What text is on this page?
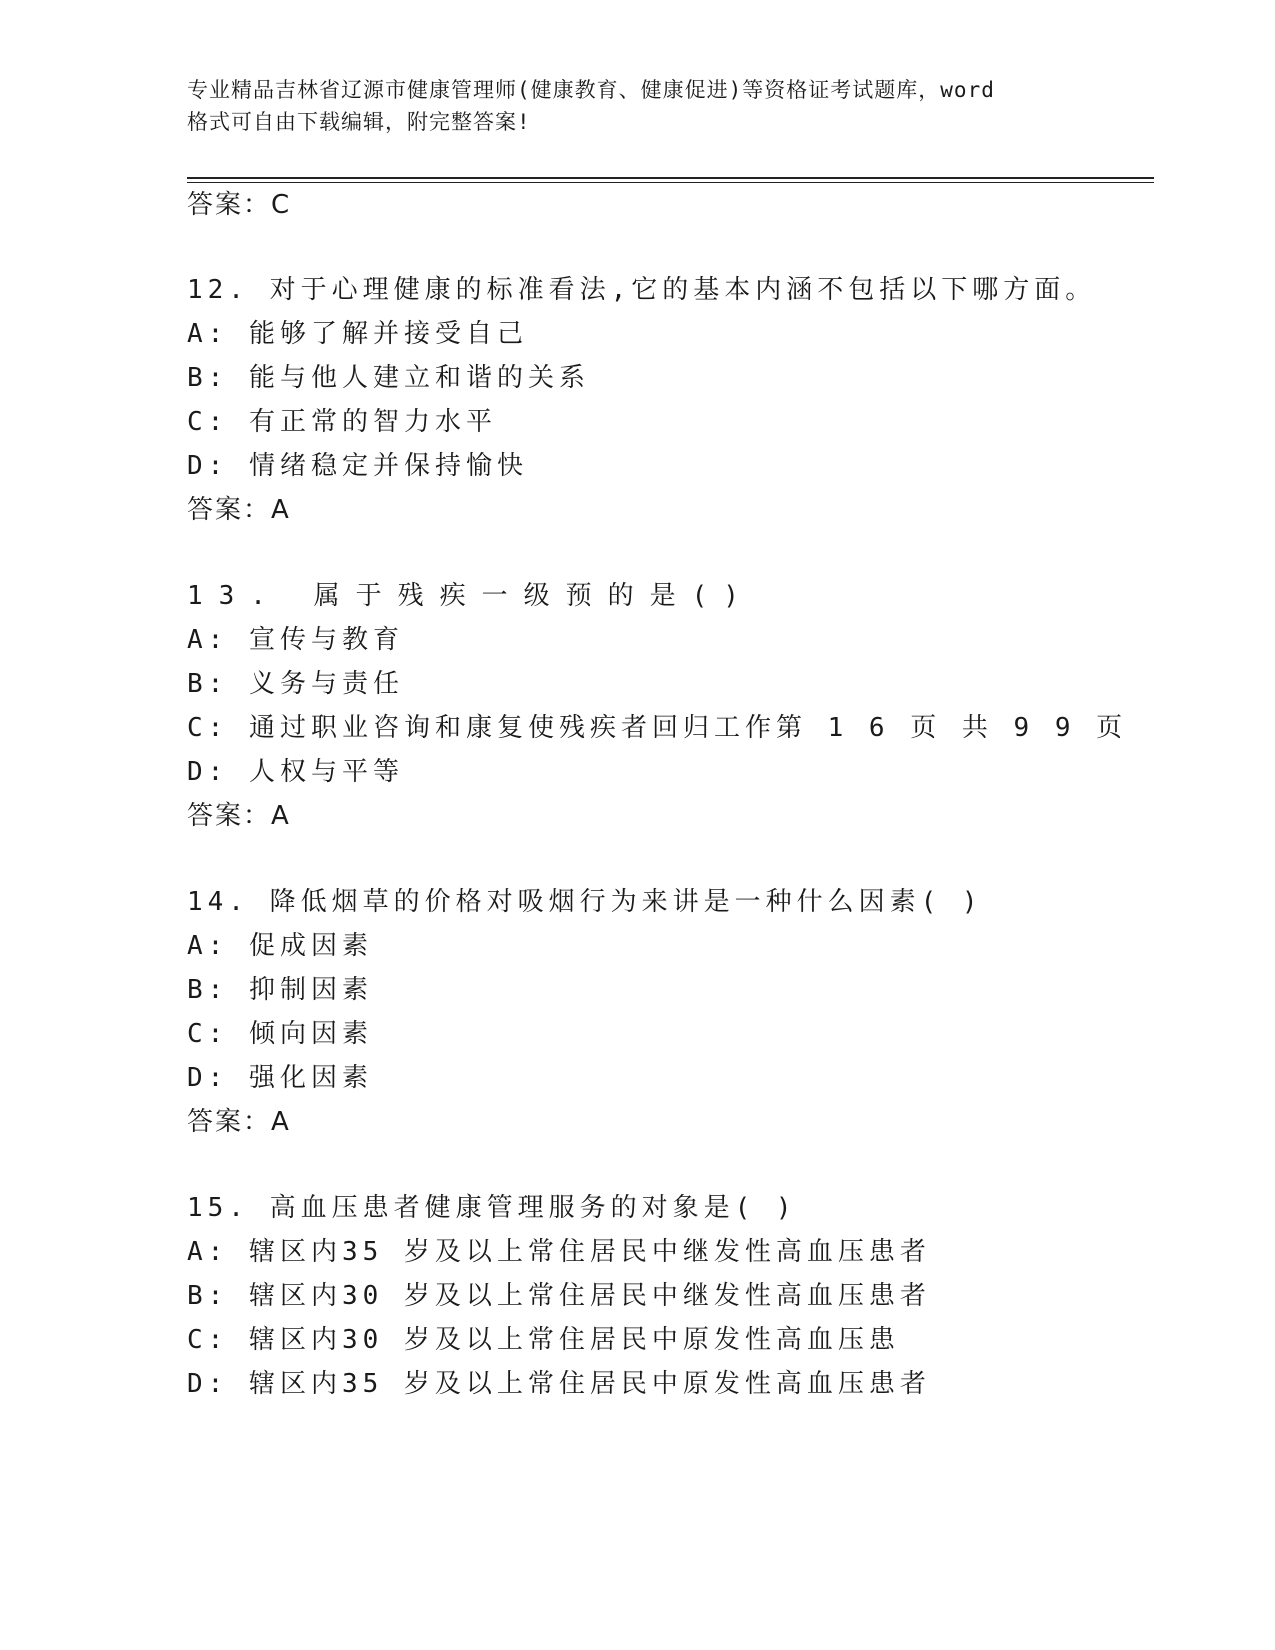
专业精品吉林省辽源市健康管理师(健康教育、健康促进)等资格证考试题库，word
格式可自由下载编辑，附完整答案!
答案：C
12. 对于心理健康的标准看法,它的基本内涵不包括以下哪方面。
A: 能够了解并接受自己
B: 能与他人建立和谐的关系
C: 有正常的智力水平
D: 情绪稳定并保持愉快
答案：A
13. 属于残疾一级预的是()
A: 宣传与教育
B: 义务与责任
C: 通过职业咨询和康复使残疾者回归工作第 1 6 页 共 9 9 页
D: 人权与平等
答案：A
14. 降低烟草的价格对吸烟行为来讲是一种什么因素( )
A: 促成因素
B: 抑制因素
C: 倾向因素
D: 强化因素
答案：A
15. 高血压患者健康管理服务的对象是( )
A: 辖区内35 岁及以上常住居民中继发性高血压患者
B: 辖区内30 岁及以上常住居民中继发性高血压患者
C: 辖区内30 岁及以上常住居民中原发性高血压患
D: 辖区内35 岁及以上常住居民中原发性高血压患者
